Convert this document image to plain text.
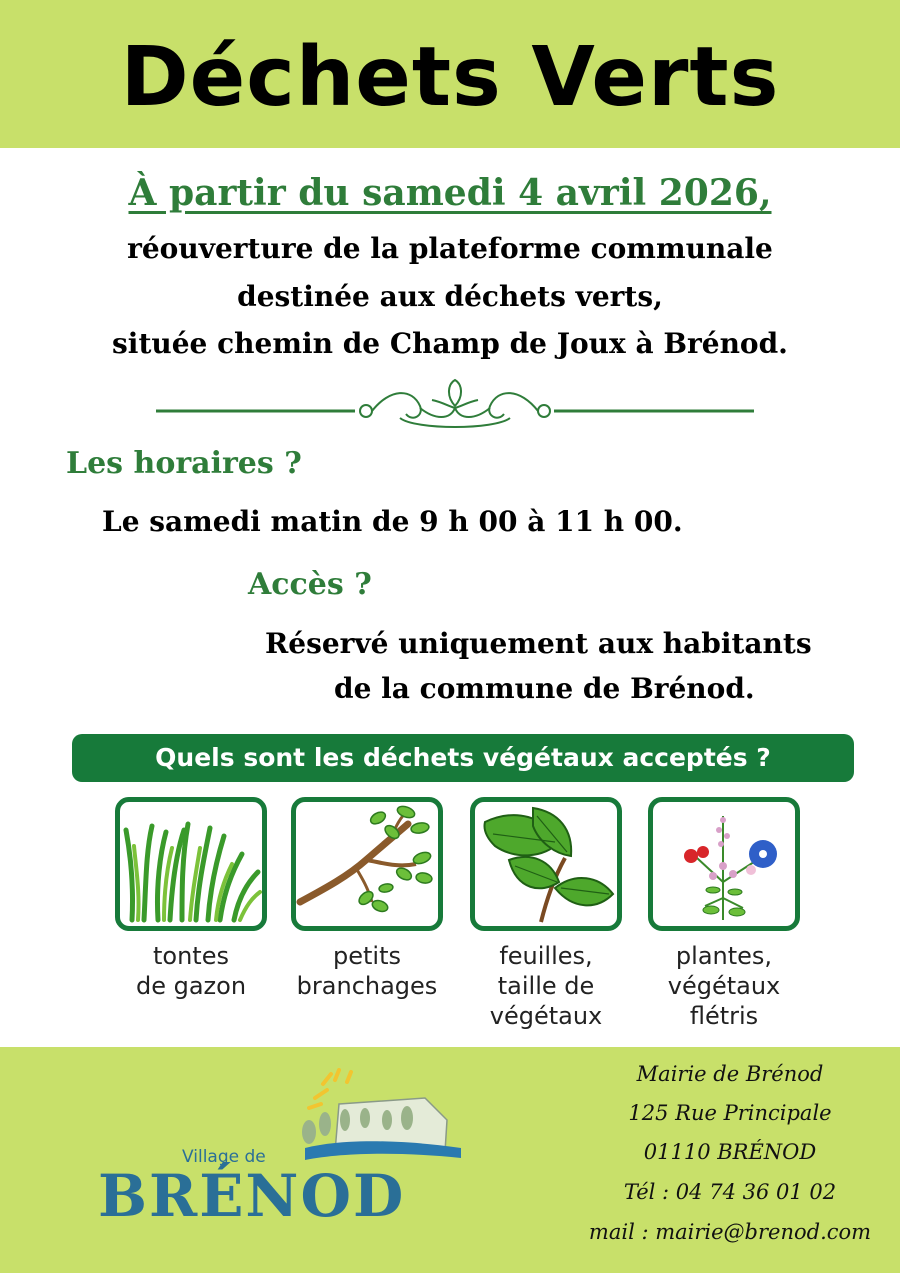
Déchets Verts
À partir du samedi 4 avril 2026,
réouverture de la plateforme communale
destinée aux déchets verts,
située chemin de Champ de Joux à Brénod.
Les horaires ?
Le samedi matin de 9 h 00 à 11 h 00.
Accès ?
Réservé uniquement aux habitants
de la commune de Brénod.
Quels sont les déchets végétaux acceptés ?
tontes
de gazon
petits
branchages
feuilles,
taille de
végétaux
plantes,
végétaux
flétris
Village de
BRÉNOD
Mairie de Brénod
125 Rue Principale
01110 BRÉNOD
Tél : 04 74 36 01 02
mail : mairie@brenod.com
